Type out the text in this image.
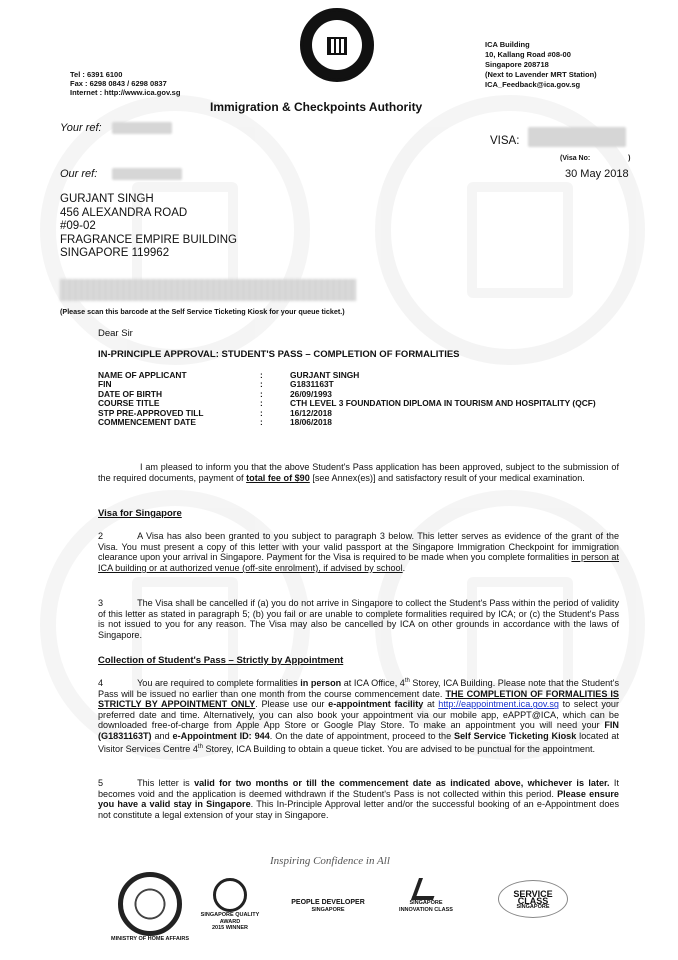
Tel : 6391 6100
Fax : 6298 0843 / 6298 0837
Internet : http://www.ica.gov.sg
ICA Building
10, Kallang Road #08-00
Singapore 208718
(Next to Lavender MRT Station)
ICA_Feedback@ica.gov.sg
Immigration & Checkpoints Authority
Your ref:
Our ref:
VISA:
(Visa No:	)
30 May 2018
GURJANT SINGH
456 ALEXANDRA ROAD
#09-02
FRAGRANCE EMPIRE BUILDING
SINGAPORE 119962
(Please scan this barcode at the Self Service Ticketing Kiosk for your queue ticket.)
Dear Sir
IN-PRINCIPLE APPROVAL: STUDENT'S PASS – COMPLETION OF FORMALITIES
NAME OF APPLICANT	:	GURJANT SINGH
FIN	:	G1831163T
DATE OF BIRTH	:	26/09/1993
COURSE TITLE	:	CTH LEVEL 3 FOUNDATION DIPLOMA IN TOURISM AND HOSPITALITY (QCF)
STP PRE-APPROVED TILL	:	16/12/2018
COMMENCEMENT DATE	:	18/06/2018
I am pleased to inform you that the above Student's Pass application has been approved, subject to the submission of the required documents, payment of total fee of $90 [see Annex(es)] and satisfactory result of your medical examination.
Visa for Singapore
2	A Visa has also been granted to you subject to paragraph 3 below. This letter serves as evidence of the grant of the Visa. You must present a copy of this letter with your valid passport at the Singapore Immigration Checkpoint for immigration clearance upon your arrival in Singapore. Payment for the Visa is required to be made when you complete formalities in person at ICA building or at authorized venue (off-site enrolment), if advised by school.
3	The Visa shall be cancelled if (a) you do not arrive in Singapore to collect the Student's Pass within the period of validity of this letter as stated in paragraph 5; (b) you fail or are unable to complete formalities required by ICA; or (c) the Student's Pass is not issued to you for any reason. The Visa may also be cancelled by ICA on other grounds in accordance with the laws of Singapore.
Collection of Student's Pass – Strictly by Appointment
4	You are required to complete formalities in person at ICA Office, 4th Storey, ICA Building. Please note that the Student's Pass will be issued no earlier than one month from the course commencement date. THE COMPLETION OF FORMALITIES IS STRICTLY BY APPOINTMENT ONLY. Please use our e-appointment facility at http://eappointment.ica.gov.sg to select your preferred date and time. Alternatively, you can also book your appointment via our mobile app, eAPPT@ICA, which can be downloaded free-of-charge from Apple App Store or Google Play Store. To make an appointment you will need your FIN (G1831163T) and e-Appointment ID: 944. On the date of appointment, proceed to the Self Service Ticketing Kiosk located at Visitor Services Centre 4th Storey, ICA Building to obtain a queue ticket. You are advised to be punctual for the appointment.
5	This letter is valid for two months or till the commencement date as indicated above, whichever is later. It becomes void and the application is deemed withdrawn if the Student's Pass is not collected within this period. Please ensure you have a valid stay in Singapore. This In-Principle Approval letter and/or the successful booking of an e-Appointment does not constitute a legal extension of your stay in Singapore.
Inspiring Confidence in All
MINISTRY OF HOME AFFAIRS
SINGAPORE QUALITY AWARD
2015 WINNER
PEOPLE DEVELOPER
SINGAPORE
SINGAPORE INNOVATION CLASS
SERVICE CLASS
SINGAPORE
